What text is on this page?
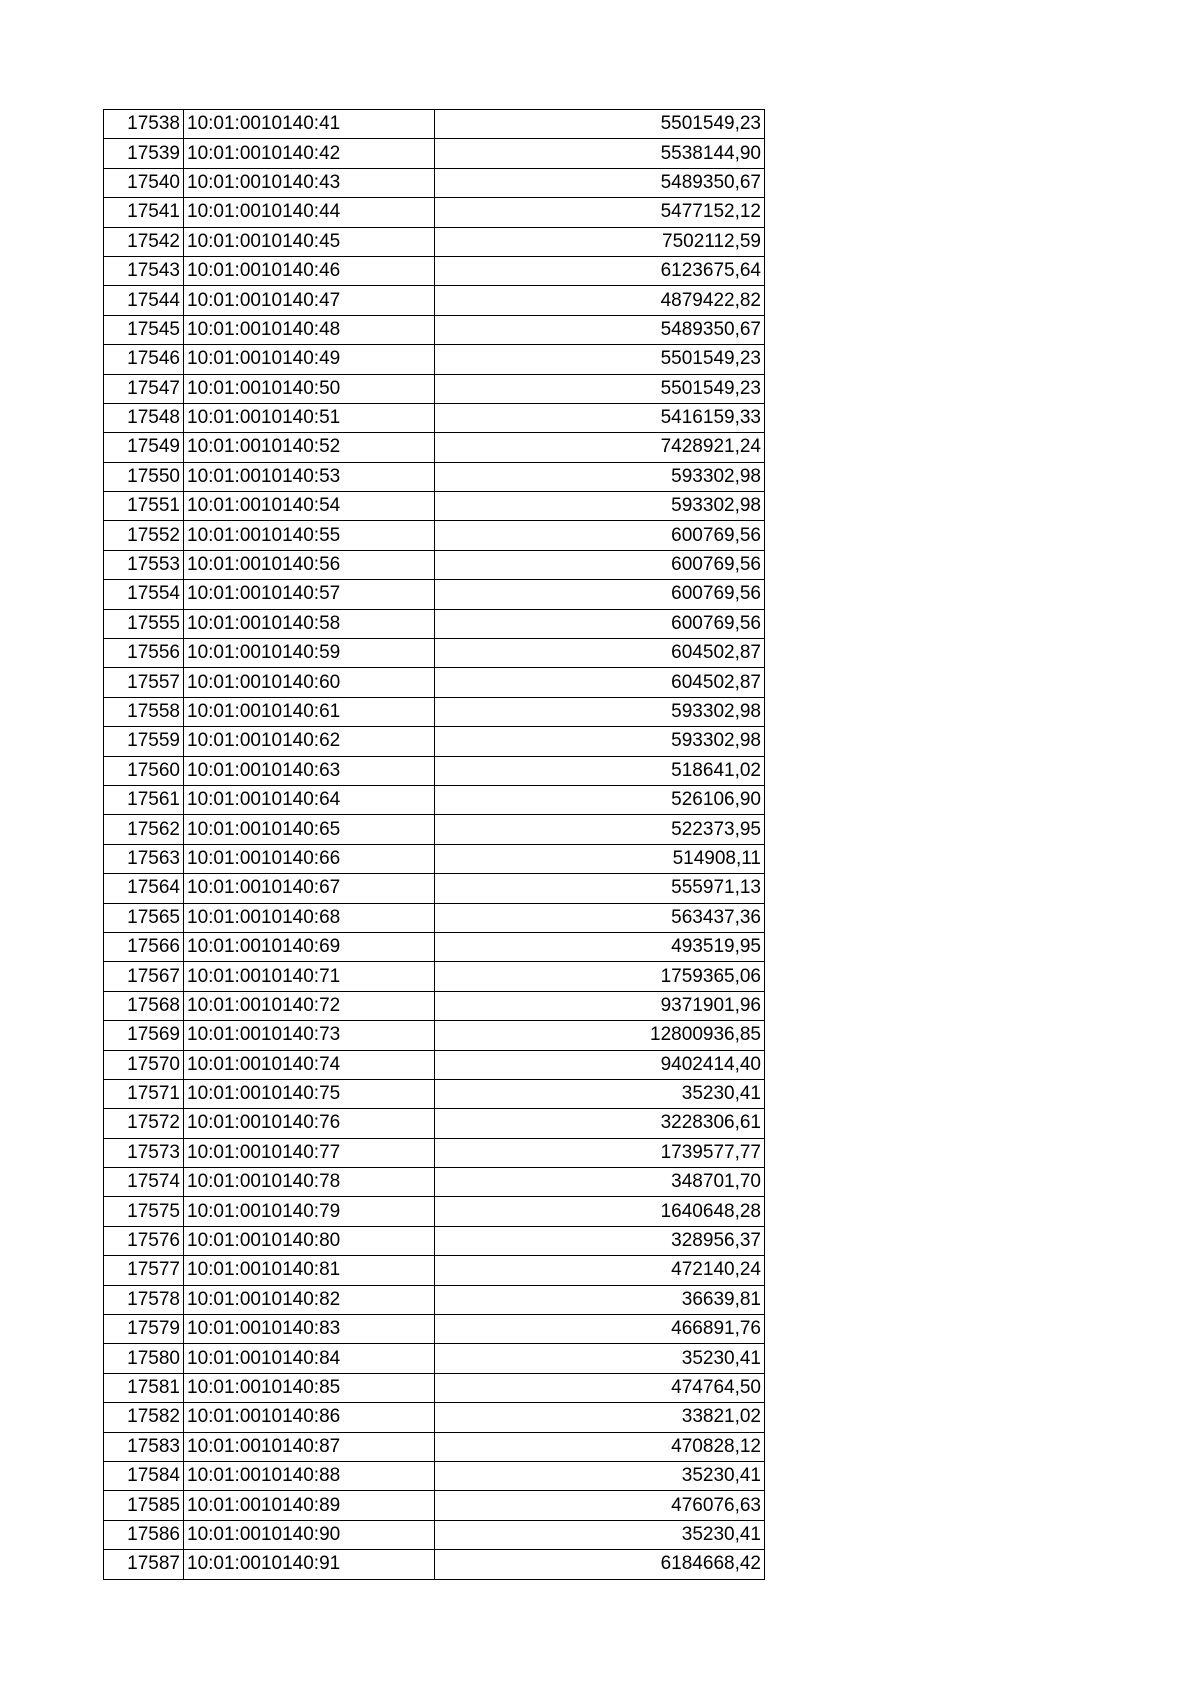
17538	10:01:0010140:41	5501549,23
17539	10:01:0010140:42	5538144,90
17540	10:01:0010140:43	5489350,67
17541	10:01:0010140:44	5477152,12
17542	10:01:0010140:45	7502112,59
17543	10:01:0010140:46	6123675,64
17544	10:01:0010140:47	4879422,82
17545	10:01:0010140:48	5489350,67
17546	10:01:0010140:49	5501549,23
17547	10:01:0010140:50	5501549,23
17548	10:01:0010140:51	5416159,33
17549	10:01:0010140:52	7428921,24
17550	10:01:0010140:53	593302,98
17551	10:01:0010140:54	593302,98
17552	10:01:0010140:55	600769,56
17553	10:01:0010140:56	600769,56
17554	10:01:0010140:57	600769,56
17555	10:01:0010140:58	600769,56
17556	10:01:0010140:59	604502,87
17557	10:01:0010140:60	604502,87
17558	10:01:0010140:61	593302,98
17559	10:01:0010140:62	593302,98
17560	10:01:0010140:63	518641,02
17561	10:01:0010140:64	526106,90
17562	10:01:0010140:65	522373,95
17563	10:01:0010140:66	514908,11
17564	10:01:0010140:67	555971,13
17565	10:01:0010140:68	563437,36
17566	10:01:0010140:69	493519,95
17567	10:01:0010140:71	1759365,06
17568	10:01:0010140:72	9371901,96
17569	10:01:0010140:73	12800936,85
17570	10:01:0010140:74	9402414,40
17571	10:01:0010140:75	35230,41
17572	10:01:0010140:76	3228306,61
17573	10:01:0010140:77	1739577,77
17574	10:01:0010140:78	348701,70
17575	10:01:0010140:79	1640648,28
17576	10:01:0010140:80	328956,37
17577	10:01:0010140:81	472140,24
17578	10:01:0010140:82	36639,81
17579	10:01:0010140:83	466891,76
17580	10:01:0010140:84	35230,41
17581	10:01:0010140:85	474764,50
17582	10:01:0010140:86	33821,02
17583	10:01:0010140:87	470828,12
17584	10:01:0010140:88	35230,41
17585	10:01:0010140:89	476076,63
17586	10:01:0010140:90	35230,41
17587	10:01:0010140:91	6184668,42
